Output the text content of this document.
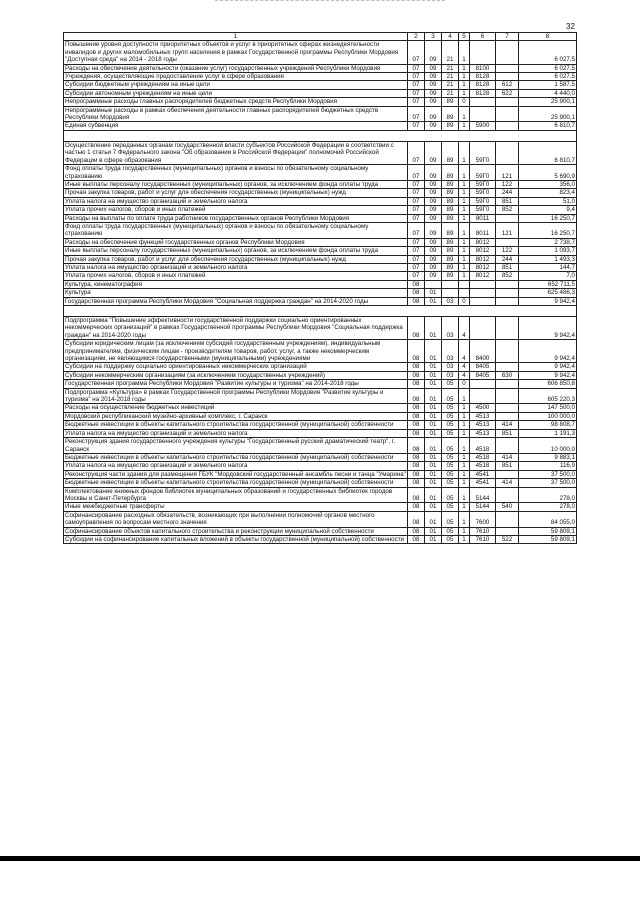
32
1	2	3	4	5	6	7	8
Повышение уровня доступности приоритетных объектов и услуг в приоритетных сферах жизнедеятельности инвалидов и других маломобильных групп населения в рамках Государственной программы Республики Мордовия "Доступная среда" на 2014 - 2018 годы	07	09	21	1			6 027,5
Расходы на обеспечение деятельности (оказание услуг) государственных учреждений Республики Мордовия	07	09	21	1	8100		6 027,5
Учреждения, осуществляющие предоставление услуг в сфере образования	07	09	21	1	8128		6 027,5
Субсидии бюджетным учреждениям на иные цели	07	09	21	1	8128	612	1 587,5
Субсидии автономным учреждениям на иные цели	07	09	21	1	8128	622	4 440,0
Непрограммные расходы главных распорядителей бюджетных средств Республики Мордовия	07	09	89	0			25 900,1
Непрограммные расходы в рамках обеспечения деятельности главных распорядителей бюджетных средств Республики Мордовия	07	09	89	1			25 900,1
Единая субвенция	07	09	89	1	5900		6 810,7

Осуществление переданных органам государственной власти субъектов Российской Федерации в соответствии с частью 1 статьи 7 Федерального закона "Об образовании в Российской Федерации" полномочий Российской Федерации в сфере образования	07	09	89	1	59Г0		6 810,7
Фонд оплаты труда государственных (муниципальных) органов и взносы по обязательному социальному страхованию	07	09	89	1	59Г0	121	5 690,9
Иные выплаты персоналу государственных (муниципальных) органов, за исключением фонда оплаты труда	07	09	89	1	59Г0	122	356,0
Прочая закупка товаров, работ и услуг для обеспечения государственных (муниципальных) нужд	07	09	89	1	59Г0	244	823,4
Уплата налога на имущество организаций и земельного налога	07	09	89	1	59Г0	851	51,0
Уплата прочих налогов, сборов и иных платежей	07	09	89	1	59Г0	852	9,4
Расходы на выплаты по оплате труда работников государственных органов Республики Мордовия	07	09	89	1	8011		16 250,7
Фонд оплаты труда государственных (муниципальных) органов и взносы по обязательному социальному страхованию	07	09	89	1	8011	121	16 250,7
Расходы на обеспечение функций государственных органов Республики Мордовия	07	09	89	1	8012		2 738,7
Иные выплаты персоналу государственных (муниципальных) органов, за исключением фонда оплаты труда	07	09	89	1	8012	122	1 093,7
Прочая закупка товаров, работ и услуг для обеспечения государственных (муниципальных) нужд	07	09	89	1	8012	244	1 493,3
Уплата налога на имущество организаций и земельного налога	07	09	89	1	8012	851	144,7
Уплата прочих налогов, сборов и иных платежей	07	09	89	1	8012	852	7,0
Культура, кинематография	08						652 711,5
Культура	08	01					625 486,3
Государственная программа Республики Мордовия "Социальная поддержка граждан" на 2014-2020 годы	08	01	03	0			9 942,4

Подпрограмма "Повышение эффективности государственной поддержки социально ориентированных некоммерческих организаций" в рамках Государственной программы Республики Мордовия "Социальная поддержка граждан" на 2014-2020 годы	08	01	03	4			9 942,4
Субсидии юридическим лицам (за исключением субсидий государственным учреждениям), индивидуальным предпринимателям, физическим лицам - производителям товаров, работ, услуг, а также некоммерческим организациям, не являющимся государственными (муниципальными) учреждениями	08	01	03	4	8400		9 942,4
Субсидии на поддержку социально ориентированных некоммерческих организаций	08	01	03	4	8405		9 942,4
Субсидии некоммерческим организациям (за исключением государственных учреждений)	08	01	03	4	8405	630	9 942,4
Государственная программа Республики Мордовия "Развитие культуры и туризма" на 2014-2018 годы	08	01	05	0			606 850,8
Подпрограмма «Культура» в рамках Государственной программы Республики Мордовия "Развитие культуры и туризма" на 2014-2018 годы	08	01	05	1			605 220,3
Расходы на осуществление бюджетных инвестиций	08	01	05	1	4500		147 500,0
Мордовский республиканский музейно-архивный комплекс, г. Саранск	08	01	05	1	4513		100 000,0
Бюджетные инвестиции в объекты капитального строительства государственной (муниципальной) собственности	08	01	05	1	4513	414	98 808,7
Уплата налога на имущество организаций и земельного налога	08	01	05	1	4513	851	1 191,3
Реконструкция здания государственного учреждения культуры "Государственный русский драматический театр", г. Саранск	08	01	05	1	4518		10 000,0
Бюджетные инвестиции в объекты капитального строительства государственной (муниципальной) собственности	08	01	05	1	4518	414	9 883,1
Уплата налога на имущество организаций и земельного налога	08	01	05	1	4518	851	116,9
Реконструкция части здания для размещения ГБУК "Мордовский государственный ансамбль песни и танца "Умарина"	08	01	05	1	4541		37 500,0
Бюджетные инвестиции в объекты капитального строительства государственной (муниципальной) собственности	08	01	05	1	4541	414	37 500,0
Комплектование книжных фондов библиотек муниципальных образований и государственных библиотек городов Москвы и Санкт-Петербурга	08	01	05	1	5144		278,0
Иные межбюджетные трансферты	08	01	05	1	5144	540	278,0
Софинансирование расходных обязательств, возникающих при выполнении полномочий органов местного самоуправления по вопросам местного значения	08	01	05	1	7600		84 055,0
Софинансирование объектов капитального строительства и реконструкции муниципальной собственности	08	01	05	1	7610		59 809,1
Субсидии на софинансирование капитальных вложений в объекты государственной (муниципальной) собственности	08	01	05	1	7610	522	59 809,1
